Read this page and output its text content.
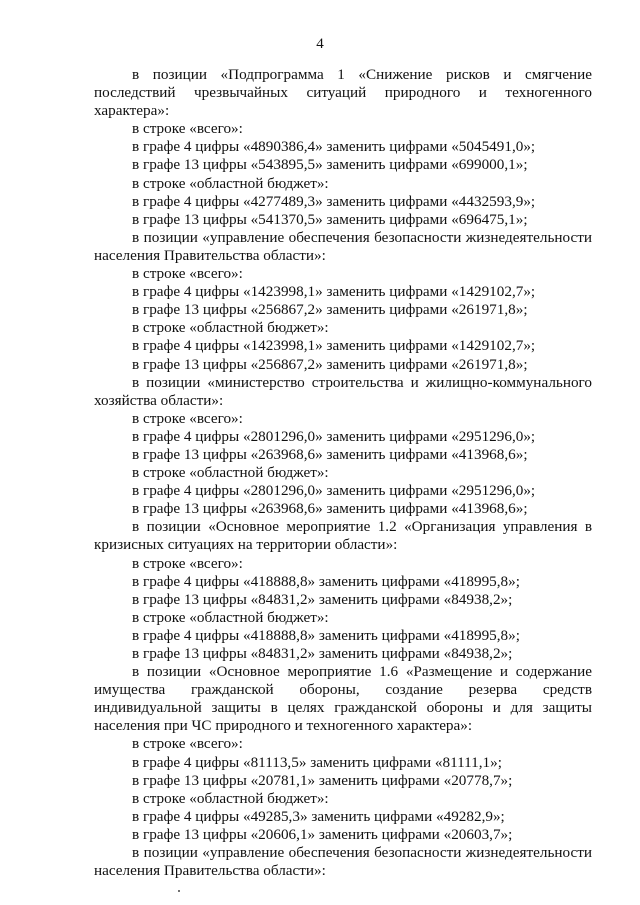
4

в позиции «Подпрограмма 1 «Снижение рисков и смягчение последствий чрезвычайных ситуаций природного и техногенного характера»:

в строке «всего»:

в графе 4 цифры «4890386,4» заменить цифрами «5045491,0»;

в графе 13 цифры «543895,5» заменить цифрами «699000,1»;

в строке «областной бюджет»:

в графе 4 цифры «4277489,3» заменить цифрами «4432593,9»;

в графе 13 цифры «541370,5» заменить цифрами «696475,1»;

в позиции «управление обеспечения безопасности жизнедеятельности населения Правительства области»:

в строке «всего»:

в графе 4 цифры «1423998,1» заменить цифрами «1429102,7»;

в графе 13 цифры «256867,2» заменить цифрами «261971,8»;

в строке «областной бюджет»:

в графе 4 цифры «1423998,1» заменить цифрами «1429102,7»;

в графе 13 цифры «256867,2» заменить цифрами «261971,8»;

в позиции «министерство строительства и жилищно-коммунального хозяйства области»:

в строке «всего»:

в графе 4 цифры «2801296,0» заменить цифрами «2951296,0»;

в графе 13 цифры «263968,6» заменить цифрами «413968,6»;

в строке «областной бюджет»:

в графе 4 цифры «2801296,0» заменить цифрами «2951296,0»;

в графе 13 цифры «263968,6» заменить цифрами «413968,6»;

в позиции «Основное мероприятие 1.2 «Организация управления в кризисных ситуациях на территории области»:

в строке «всего»:

в графе 4 цифры «418888,8» заменить цифрами «418995,8»;

в графе 13 цифры «84831,2» заменить цифрами «84938,2»;

в строке «областной бюджет»:

в графе 4 цифры «418888,8» заменить цифрами «418995,8»;

в графе 13 цифры «84831,2» заменить цифрами «84938,2»;

в позиции «Основное мероприятие 1.6 «Размещение и содержание имущества гражданской обороны, создание резерва средств индивидуальной защиты в целях гражданской обороны и для защиты населения при ЧС природного и техногенного характера»:

в строке «всего»:

в графе 4 цифры «81113,5» заменить цифрами «81111,1»;

в графе 13 цифры «20781,1» заменить цифрами «20778,7»;

в строке «областной бюджет»:

в графе 4 цифры «49285,3» заменить цифрами «49282,9»;

в графе 13 цифры «20606,1» заменить цифрами «20603,7»;

в позиции «управление обеспечения безопасности жизнедеятельности населения Правительства области»:
